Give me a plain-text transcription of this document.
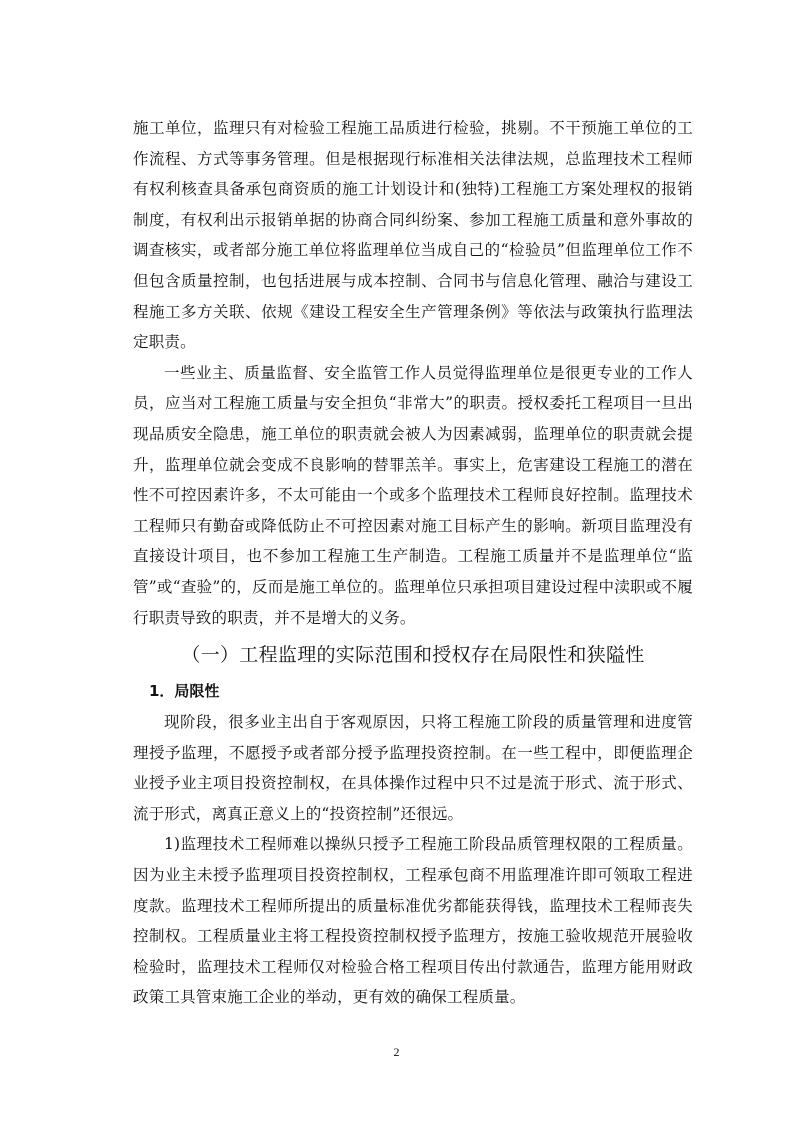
施工单位，监理只有对检验工程施工品质进行检验，挑剔。不干预施工单位的工作流程、方式等事务管理。但是根据现行标准相关法律法规，总监理技术工程师有权利核查具备承包商资质的施工计划设计和(独特)工程施工方案处理权的报销制度，有权利出示报销单据的协商合同纠纷案、参加工程施工质量和意外事故的调查核实，或者部分施工单位将监理单位当成自己的“检验员”但监理单位工作不但包含质量控制，也包括进展与成本控制、合同书与信息化管理、融洽与建设工程施工多方关联、依规《建设工程安全生产管理条例》等依法与政策执行监理法定职责。

一些业主、质量监督、安全监管工作人员觉得监理单位是很更专业的工作人员，应当对工程施工质量与安全担负“非常大”的职责。授权委托工程项目一旦出现品质安全隐患，施工单位的职责就会被人为因素减弱，监理单位的职责就会提升，监理单位就会变成不良影响的替罪羔羊。事实上，危害建设工程施工的潜在性不可控因素许多，不太可能由一个或多个监理技术工程师良好控制。监理技术工程师只有勤奋或降低防止不可控因素对施工目标产生的影响。新项目监理没有直接设计项目，也不参加工程施工生产制造。工程施工质量并不是监理单位“监管”或“查验”的，反而是施工单位的。监理单位只承担项目建设过程中渎职或不履行职责导致的职责，并不是增大的义务。

（一）工程监理的实际范围和授权存在局限性和狭隘性
1．局限性

现阶段，很多业主出自于客观原因，只将工程施工阶段的质量管理和进度管理授予监理，不愿授予或者部分授予监理投资控制。在一些工程中，即便监理企业授予业主项目投资控制权，在具体操作过程中只不过是流于形式、流于形式、流于形式，离真正意义上的“投资控制”还很远。

1)监理技术工程师难以操纵只授予工程施工阶段品质管理权限的工程质量。因为业主未授予监理项目投资控制权，工程承包商不用监理准许即可领取工程进度款。监理技术工程师所提出的质量标准优劣都能获得钱，监理技术工程师丧失控制权。工程质量业主将工程投资控制权授予监理方，按施工验收规范开展验收检验时，监理技术工程师仅对检验合格工程项目传出付款通告，监理方能用财政政策工具管束施工企业的举动，更有效的确保工程质量。

2
